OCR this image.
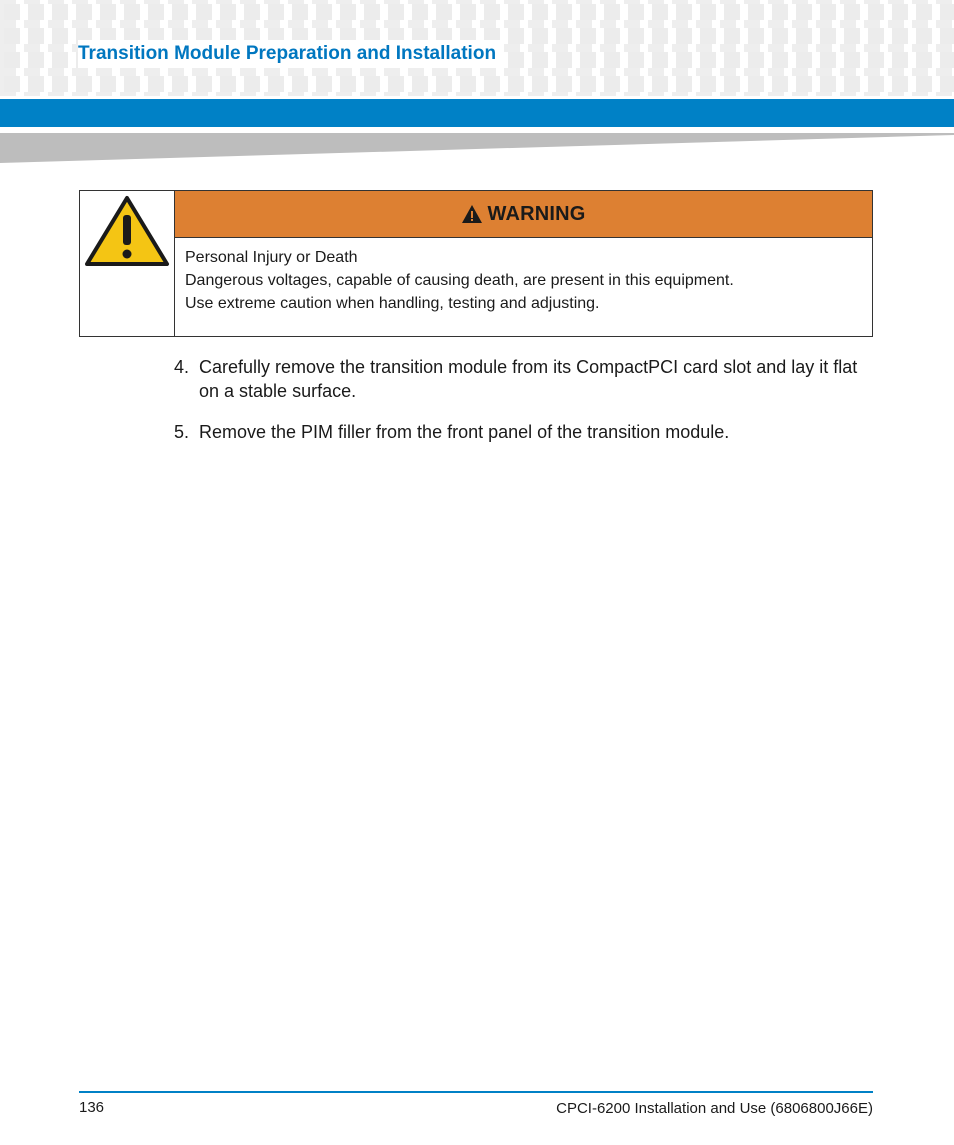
Transition Module Preparation and Installation
WARNING

Personal Injury or Death

Dangerous voltages, capable of causing death, are present in this equipment.

Use extreme caution when handling, testing and adjusting.

4. Carefully remove the transition module from its CompactPCI card slot and lay it flat on a stable surface.
5. Remove the PIM filler from the front panel of the transition module.
136	CPCI-6200 Installation and Use (6806800J66E)
